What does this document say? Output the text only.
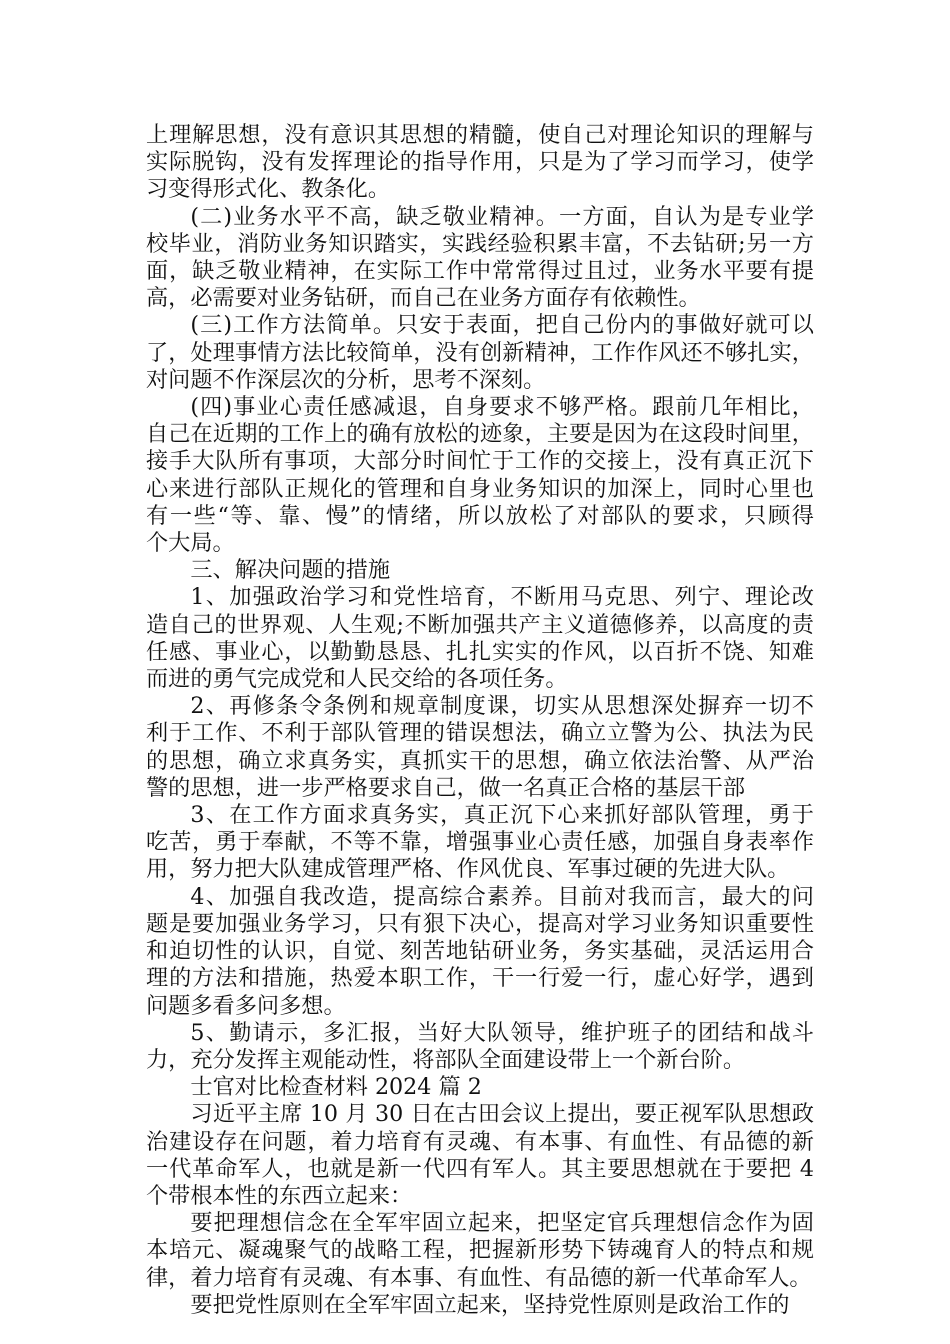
上理解思想，没有意识其思想的精髓，使自己对理论知识的理解与
实际脱钩，没有发挥理论的指导作用，只是为了学习而学习，使学
习变得形式化、教条化。

(二)业务水平不高，缺乏敬业精神。一方面，自认为是专业学
校毕业，消防业务知识踏实，实践经验积累丰富，不去钻研;另一方
面，缺乏敬业精神，在实际工作中常常得过且过，业务水平要有提
高，必需要对业务钻研，而自己在业务方面存有依赖性。

(三)工作方法简单。只安于表面，把自己份内的事做好就可以
了，处理事情方法比较简单，没有创新精神，工作作风还不够扎实，
对问题不作深层次的分析，思考不深刻。

(四)事业心责任感减退，自身要求不够严格。跟前几年相比，
自己在近期的工作上的确有放松的迹象，主要是因为在这段时间里，
接手大队所有事项，大部分时间忙于工作的交接上，没有真正沉下
心来进行部队正规化的管理和自身业务知识的加深上，同时心里也
有一些“等、靠、慢”的情绪，所以放松了对部队的要求，只顾得
个大局。

三、解决问题的措施

1、加强政治学习和党性培育，不断用马克思、列宁、理论改
造自己的世界观、人生观;不断加强共产主义道德修养，以高度的责
任感、事业心，以勤勤恳恳、扎扎实实的作风，以百折不饶、知难
而进的勇气完成党和人民交给的各项任务。

2、再修条令条例和规章制度课，切实从思想深处摒弃一切不
利于工作、不利于部队管理的错误想法，确立立警为公、执法为民
的思想，确立求真务实，真抓实干的思想，确立依法治警、从严治
警的思想，进一步严格要求自己，做一名真正合格的基层干部

3、在工作方面求真务实，真正沉下心来抓好部队管理，勇于
吃苦，勇于奉献，不等不靠，增强事业心责任感，加强自身表率作
用，努力把大队建成管理严格、作风优良、军事过硬的先进大队。

4、加强自我改造，提高综合素养。目前对我而言，最大的问
题是要加强业务学习，只有狠下决心，提高对学习业务知识重要性
和迫切性的认识，自觉、刻苦地钻研业务，务实基础，灵活运用合
理的方法和措施，热爱本职工作，干一行爱一行，虚心好学，遇到
问题多看多问多想。

5、勤请示，多汇报，当好大队领导，维护班子的团结和战斗
力，充分发挥主观能动性，将部队全面建设带上一个新台阶。

士官对比检查材料 2024 篇 2

习近平主席 10 月 30 日在古田会议上提出，要正视军队思想政
治建设存在问题，着力培育有灵魂、有本事、有血性、有品德的新
一代革命军人，也就是新一代四有军人。其主要思想就在于要把 4
个带根本性的东西立起来：

要把理想信念在全军牢固立起来，把坚定官兵理想信念作为固
本培元、凝魂聚气的战略工程，把握新形势下铸魂育人的特点和规
律，着力培育有灵魂、有本事、有血性、有品德的新一代革命军人。

要把党性原则在全军牢固立起来，坚持党性原则是政治工作的
